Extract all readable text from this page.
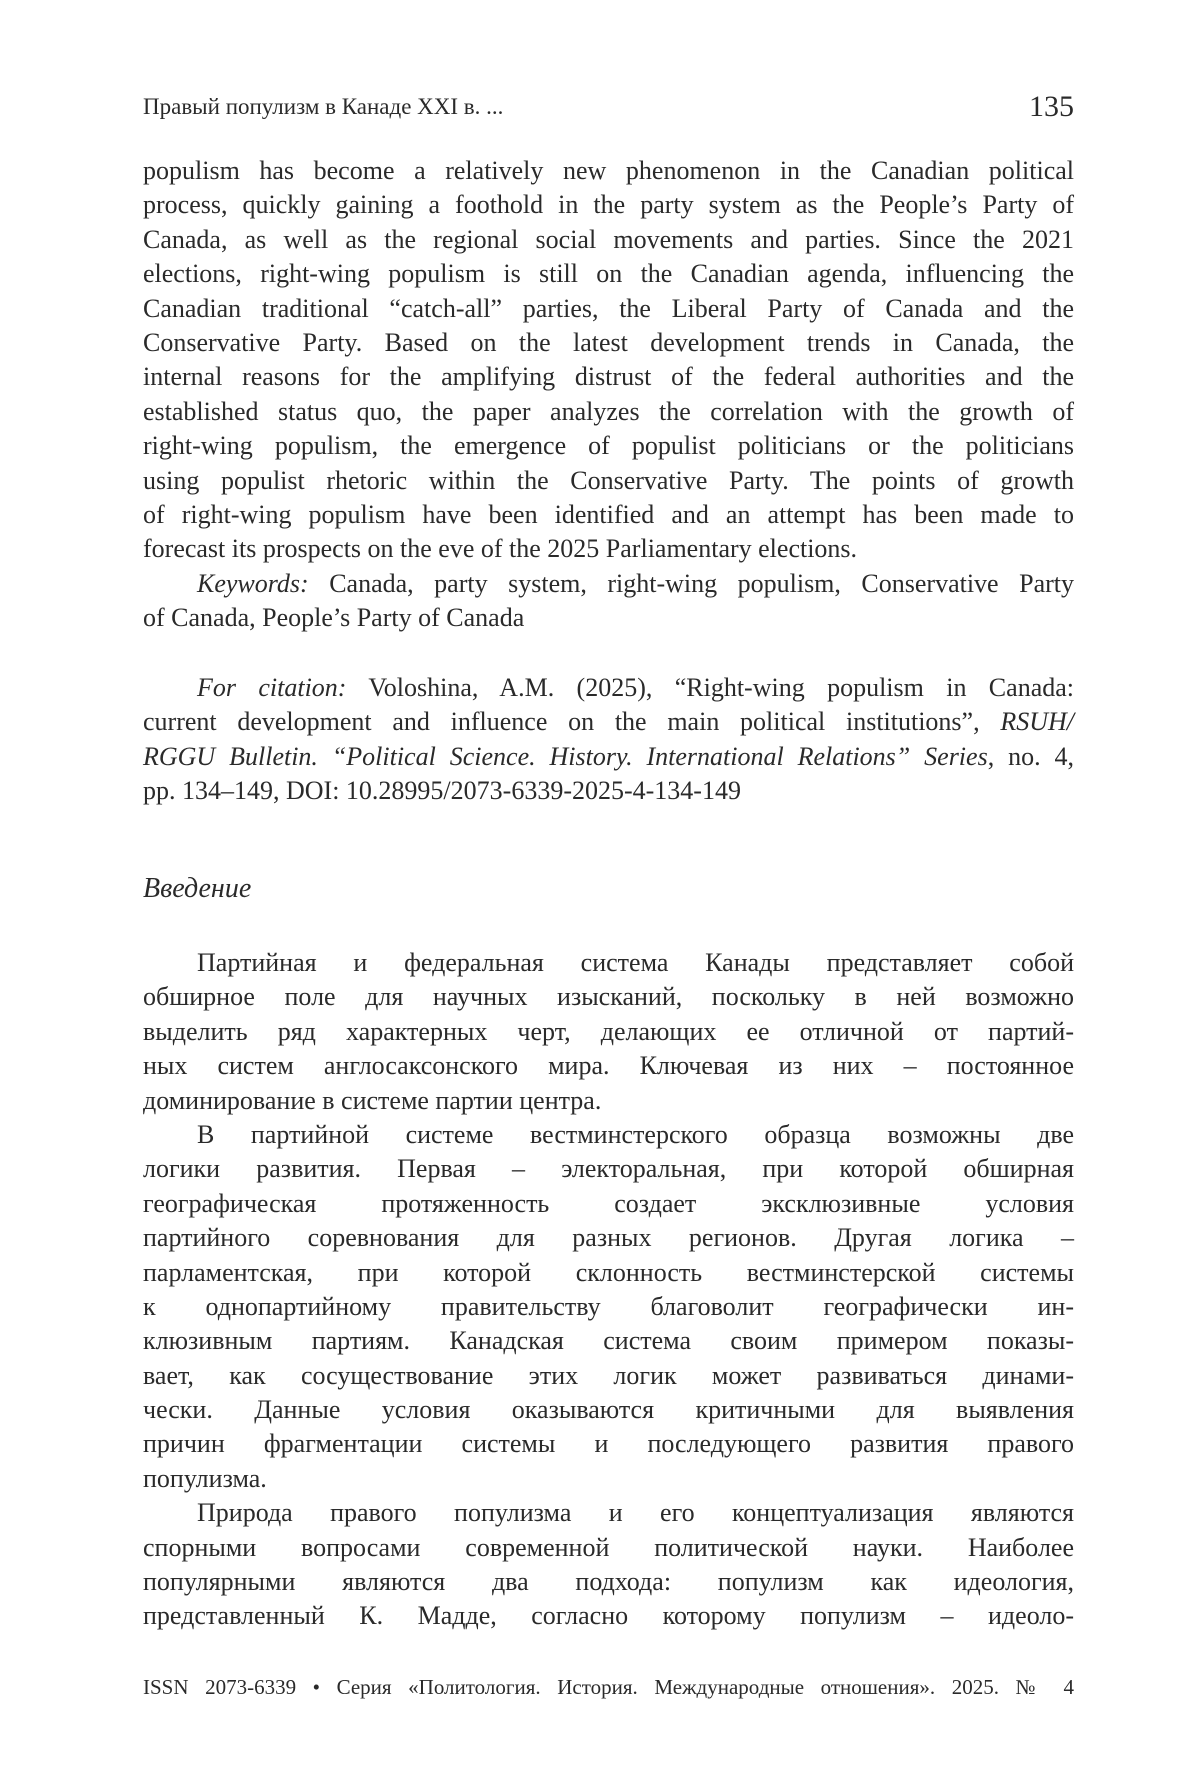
Правый популизм в Канаде XXI в. ...	135
populism has become a relatively new phenomenon in the Canadian political
process, quickly gaining a foothold in the party system as the People’s Party of
Canada, as well as the regional social movements and parties. Since the 2021
elections, right-wing populism is still on the Canadian agenda, influencing the
Canadian traditional “catch-all” parties, the Liberal Party of Canada and the
Conservative Party. Based on the latest development trends in Canada, the
internal reasons for the amplifying distrust of the federal authorities and the
established status quo, the paper analyzes the correlation with the growth of
right-wing populism, the emergence of populist politicians or the politicians
using populist rhetoric within the Conservative Party. The points of growth
of right-wing populism have been identified and an attempt has been made to
forecast its prospects on the eve of the 2025 Parliamentary elections.
Keywords: Canada, party system, right-wing populism, Conservative Party
of Canada, People’s Party of Canada
For citation: Voloshina, A.M. (2025), “Right-wing populism in Canada:
current development and influence on the main political institutions”, RSUH/
RGGU Bulletin. “Political Science. History. International Relations” Series, no. 4,
pp. 134–149, DOI: 10.28995/2073-6339-2025-4-134-149
Введение
Партийная и федеральная система Канады представляет собой
обширное поле для научных изысканий, поскольку в ней возможно
выделить ряд характерных черт, делающих ее отличной от партий-
ных систем англосаксонского мира. Ключевая из них – постоянное
доминирование в системе партии центра.
В партийной системе вестминстерского образца возможны две
логики развития. Первая – электоральная, при которой обширная
географическая протяженность создает эксклюзивные условия
партийного соревнования для разных регионов. Другая логика –
парламентская, при которой склонность вестминстерской системы
к однопартийному правительству благоволит географически ин-
клюзивным партиям. Канадская система своим примером показы-
вает, как сосуществование этих логик может развиваться динами-
чески. Данные условия оказываются критичными для выявления
причин фрагментации системы и последующего развития правого
популизма.
Природа правого популизма и его концептуализация являются
спорными вопросами современной политической науки. Наиболее
популярными являются два подхода: популизм как идеология,
представленный К. Мадде, согласно которому популизм – идеоло-
ISSN 2073-6339 • Серия «Политология. История. Международные отношения». 2025. № 4
